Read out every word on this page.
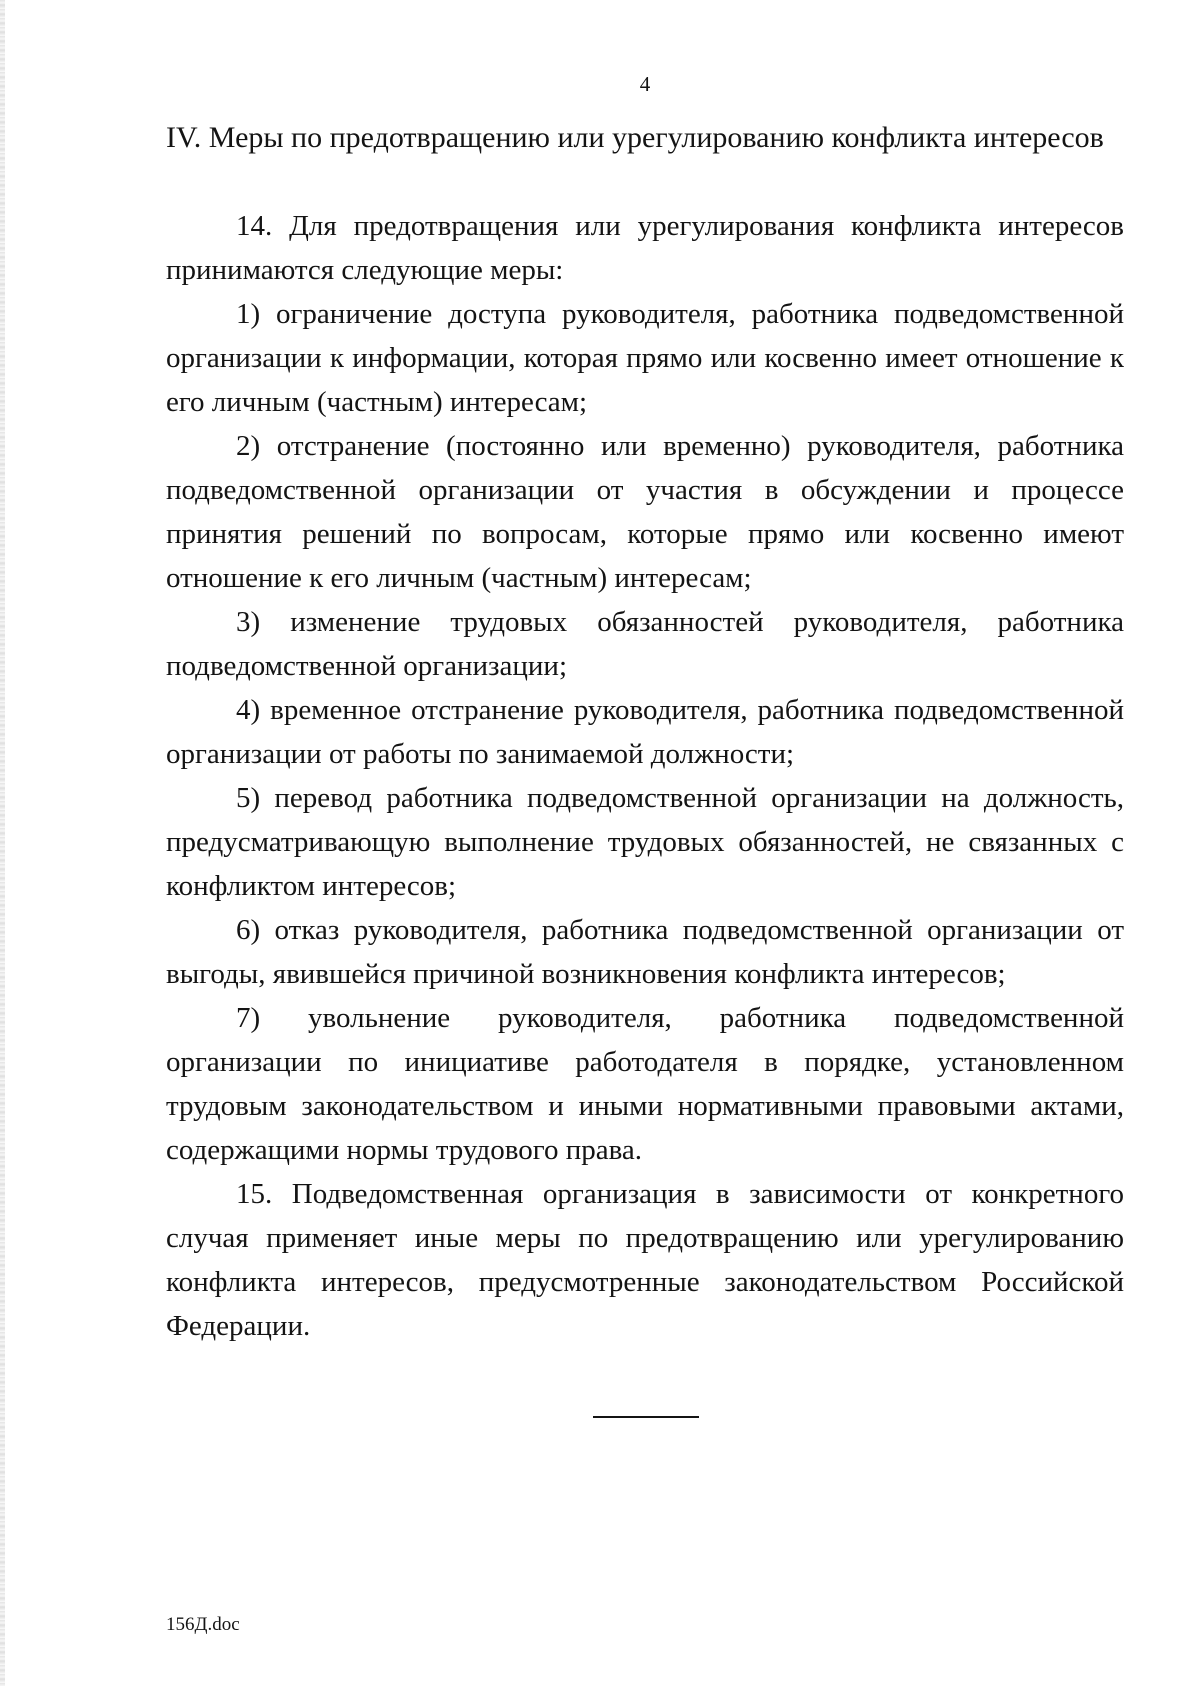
4
IV. Меры по предотвращению или урегулированию конфликта интересов

14. Для предотвращения или урегулирования конфликта интересов принимаются следующие меры:

1) ограничение доступа руководителя, работника подведомственной организации к информации, которая прямо или косвенно имеет отношение к его личным (частным) интересам;

2) отстранение (постоянно или временно) руководителя, работника подведомственной организации от участия в обсуждении и процессе принятия решений по вопросам, которые прямо или косвенно имеют отношение к его личным (частным) интересам;

3) изменение трудовых обязанностей руководителя, работника подведомственной организации;

4) временное отстранение руководителя, работника подведомственной организации от работы по занимаемой должности;

5) перевод работника подведомственной организации на должность, предусматривающую выполнение трудовых обязанностей, не связанных с конфликтом интересов;

6) отказ руководителя, работника подведомственной организации от выгоды, явившейся причиной возникновения конфликта интересов;

7) увольнение руководителя, работника подведомственной организации по инициативе работодателя в порядке, установленном трудовым законодательством и иными нормативными правовыми актами, содержащими нормы трудового права.

15. Подведомственная организация в зависимости от конкретного случая применяет иные меры по предотвращению или урегулированию конфликта интересов, предусмотренные законодательством Российской Федерации.

156Д.doc
